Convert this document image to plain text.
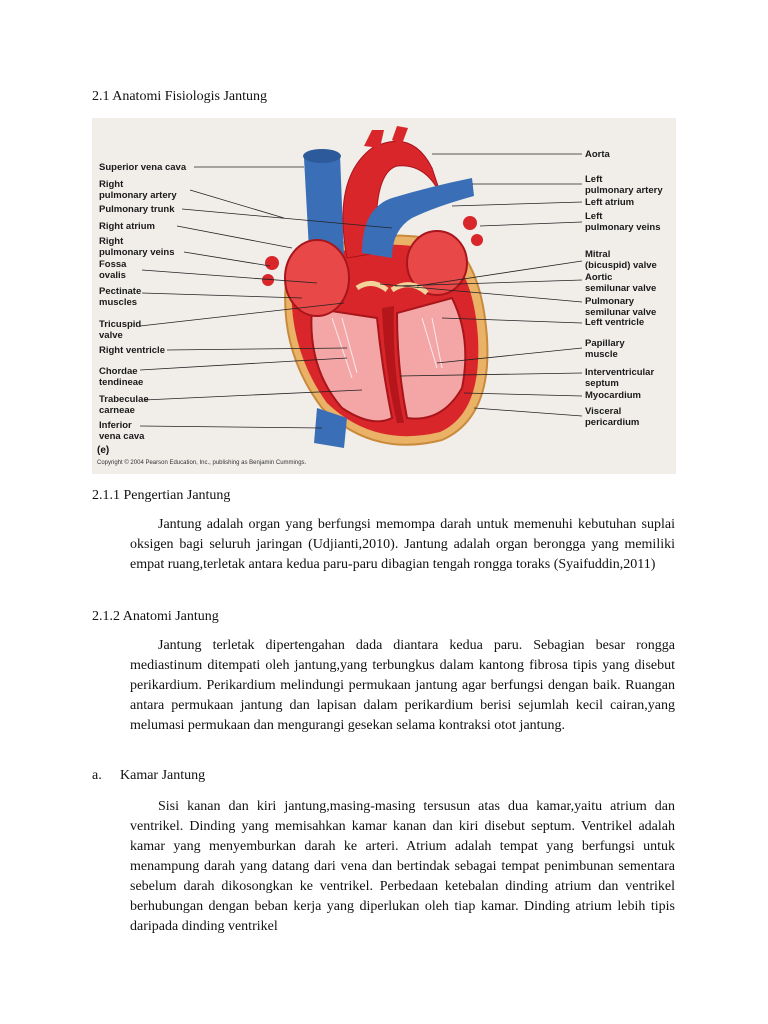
2.1 Anatomi Fisiologis Jantung
Superior vena cava
Right
pulmonary artery
Pulmonary trunk
Right atrium
Right
pulmonary veins
Fossa
ovalis
Pectinate
muscles
Tricuspid
valve
Right ventricle
Chordae
tendineae
Trabeculae
carneae
Inferior
vena cava
(e)
Copyright © 2004 Pearson Education, Inc., publishing as Benjamin Cummings.
Aorta
Left
pulmonary artery
Left atrium
Left
pulmonary veins
Mitral
(bicuspid) valve
Aortic
semilunar valve
Pulmonary
semilunar valve
Left ventricle
Papillary
muscle
Interventricular
septum
Myocardium
Visceral
pericardium
2.1.1 Pengertian Jantung
Jantung adalah organ yang berfungsi memompa darah untuk memenuhi kebutuhan suplai oksigen bagi seluruh jaringan (Udjianti,2010). Jantung adalah organ berongga yang memiliki empat ruang,terletak antara kedua paru-paru dibagian tengah rongga toraks (Syaifuddin,2011)
2.1.2 Anatomi Jantung
Jantung terletak dipertengahan dada diantara kedua paru. Sebagian besar rongga mediastinum ditempati oleh jantung,yang terbungkus dalam kantong fibrosa tipis yang disebut perikardium. Perikardium melindungi permukaan jantung agar berfungsi dengan baik. Ruangan antara permukaan jantung dan lapisan dalam perikardium berisi sejumlah kecil cairan,yang melumasi permukaan dan mengurangi gesekan selama kontraksi otot jantung.
a. Kamar Jantung
Sisi kanan dan kiri jantung,masing-masing tersusun atas dua kamar,yaitu atrium dan ventrikel. Dinding yang memisahkan kamar kanan dan kiri disebut septum. Ventrikel adalah kamar yang menyemburkan darah ke arteri. Atrium adalah tempat yang berfungsi untuk menampung darah yang datang dari vena dan bertindak sebagai tempat penimbunan sementara sebelum darah dikosongkan ke ventrikel. Perbedaan ketebalan dinding atrium dan ventrikel berhubungan dengan beban kerja yang diperlukan oleh tiap kamar. Dinding atrium lebih tipis daripada dinding ventrikel
